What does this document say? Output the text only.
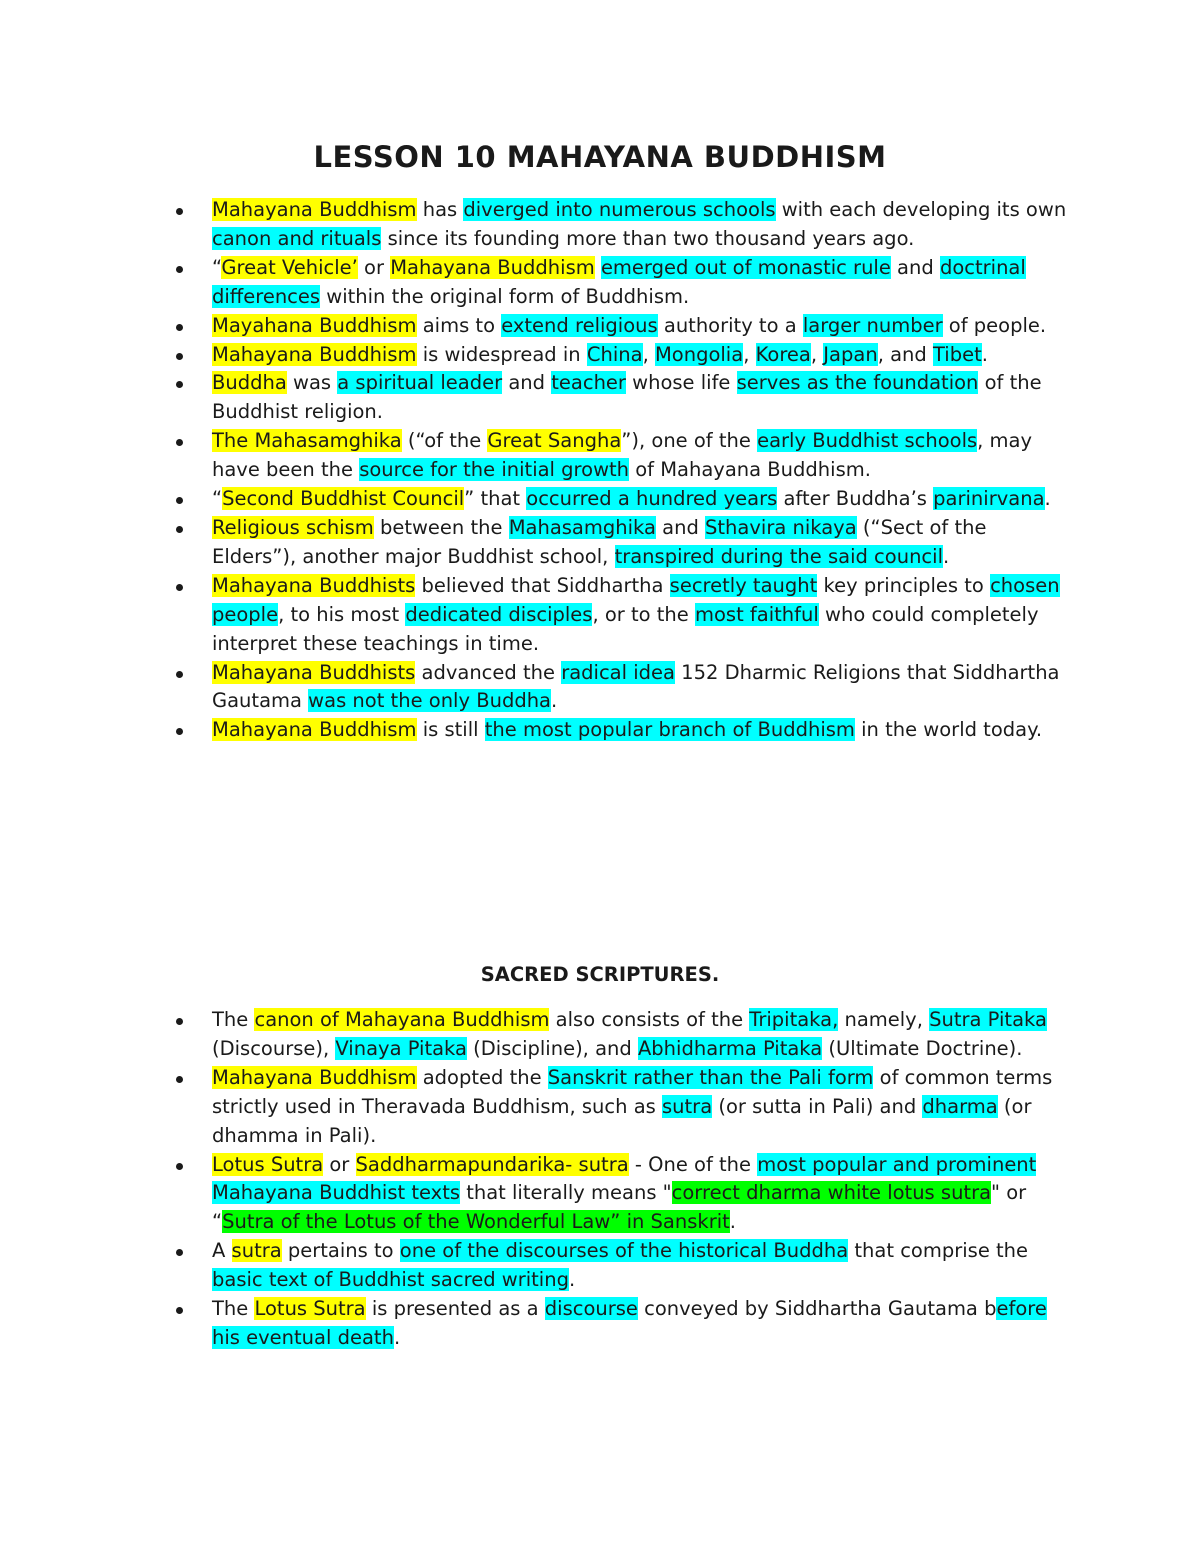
LESSON 10 MAHAYANA BUDDHISM
Mahayana Buddhism has diverged into numerous schools with each developing its own canon and rituals since its founding more than two thousand years ago.
“Great Vehicle’ or Mahayana Buddhism emerged out of monastic rule and doctrinal differences within the original form of Buddhism.
Mayahana Buddhism aims to extend religious authority to a larger number of people.
Mahayana Buddhism is widespread in China, Mongolia, Korea, Japan, and Tibet.
Buddha was a spiritual leader and teacher whose life serves as the foundation of the Buddhist religion.
The Mahasamghika (“of the Great Sangha”), one of the early Buddhist schools, may have been the source for the initial growth of Mahayana Buddhism.
“Second Buddhist Council” that occurred a hundred years after Buddha’s parinirvana.
Religious schism between the Mahasamghika and Sthavira nikaya (“Sect of the Elders”), another major Buddhist school, transpired during the said council.
Mahayana Buddhists believed that Siddhartha secretly taught key principles to chosen people, to his most dedicated disciples, or to the most faithful who could completely interpret these teachings in time.
Mahayana Buddhists advanced the radical idea 152 Dharmic Religions that Siddhartha Gautama was not the only Buddha.
Mahayana Buddhism is still the most popular branch of Buddhism in the world today.
SACRED SCRIPTURES.
The canon of Mahayana Buddhism also consists of the Tripitaka, namely, Sutra Pitaka (Discourse), Vinaya Pitaka (Discipline), and Abhidharma Pitaka (Ultimate Doctrine).
Mahayana Buddhism adopted the Sanskrit rather than the Pali form of common terms strictly used in Theravada Buddhism, such as sutra (or sutta in Pali) and dharma (or dhamma in Pali).
Lotus Sutra or Saddharmapundarika- sutra - One of the most popular and prominent Mahayana Buddhist texts that literally means "correct dharma white lotus sutra" or “Sutra of the Lotus of the Wonderful Law” in Sanskrit.
A sutra pertains to one of the discourses of the historical Buddha that comprise the basic text of Buddhist sacred writing.
The Lotus Sutra is presented as a discourse conveyed by Siddhartha Gautama before his eventual death.
